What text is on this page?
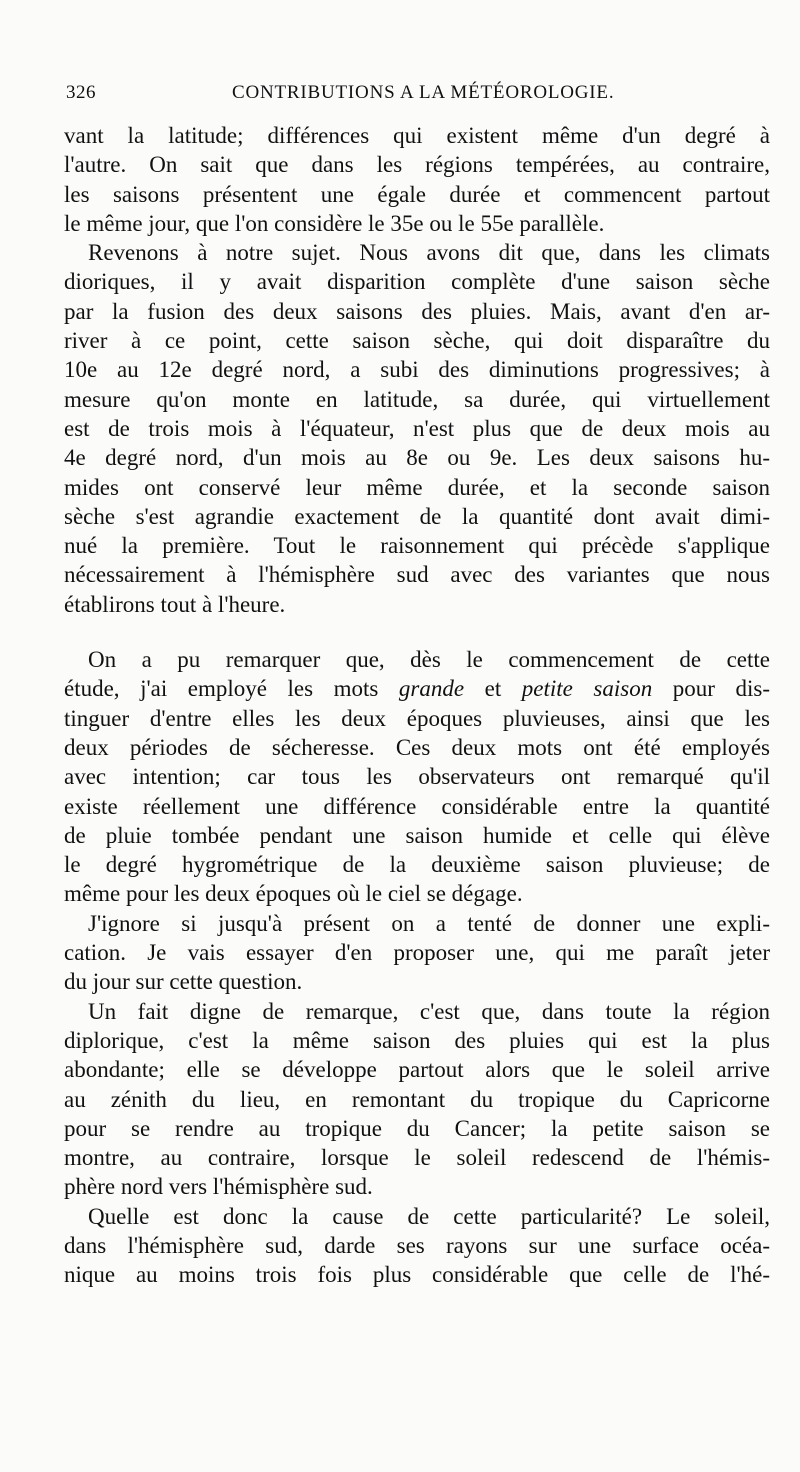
326	CONTRIBUTIONS A LA MÉTÉOROLOGIE.
vant la latitude; différences qui existent même d'un degré à
l'autre. On sait que dans les régions tempérées, au contraire,
les saisons présentent une égale durée et commencent partout
le même jour, que l'on considère le 35e ou le 55e parallèle.
Revenons à notre sujet. Nous avons dit que, dans les climats
dioriques, il y avait disparition complète d'une saison sèche
par la fusion des deux saisons des pluies. Mais, avant d'en ar-
river à ce point, cette saison sèche, qui doit disparaître du
10e au 12e degré nord, a subi des diminutions progressives; à
mesure qu'on monte en latitude, sa durée, qui virtuellement
est de trois mois à l'équateur, n'est plus que de deux mois au
4e degré nord, d'un mois au 8e ou 9e. Les deux saisons hu-
mides ont conservé leur même durée, et la seconde saison
sèche s'est agrandie exactement de la quantité dont avait dimi-
nué la première. Tout le raisonnement qui précède s'applique
nécessairement à l'hémisphère sud avec des variantes que nous
établirons tout à l'heure.
On a pu remarquer que, dès le commencement de cette
étude, j'ai employé les mots grande et petite saison pour dis-
tinguer d'entre elles les deux époques pluvieuses, ainsi que les
deux périodes de sécheresse. Ces deux mots ont été employés
avec intention; car tous les observateurs ont remarqué qu'il
existe réellement une différence considérable entre la quantité
de pluie tombée pendant une saison humide et celle qui élève
le degré hygrométrique de la deuxième saison pluvieuse; de
même pour les deux époques où le ciel se dégage.
J'ignore si jusqu'à présent on a tenté de donner une expli-
cation. Je vais essayer d'en proposer une, qui me paraît jeter
du jour sur cette question.
Un fait digne de remarque, c'est que, dans toute la région
diplorique, c'est la même saison des pluies qui est la plus
abondante; elle se développe partout alors que le soleil arrive
au zénith du lieu, en remontant du tropique du Capricorne
pour se rendre au tropique du Cancer; la petite saison se
montre, au contraire, lorsque le soleil redescend de l'hémis-
phère nord vers l'hémisphère sud.
Quelle est donc la cause de cette particularité? Le soleil,
dans l'hémisphère sud, darde ses rayons sur une surface océa-
nique au moins trois fois plus considérable que celle de l'hé-
